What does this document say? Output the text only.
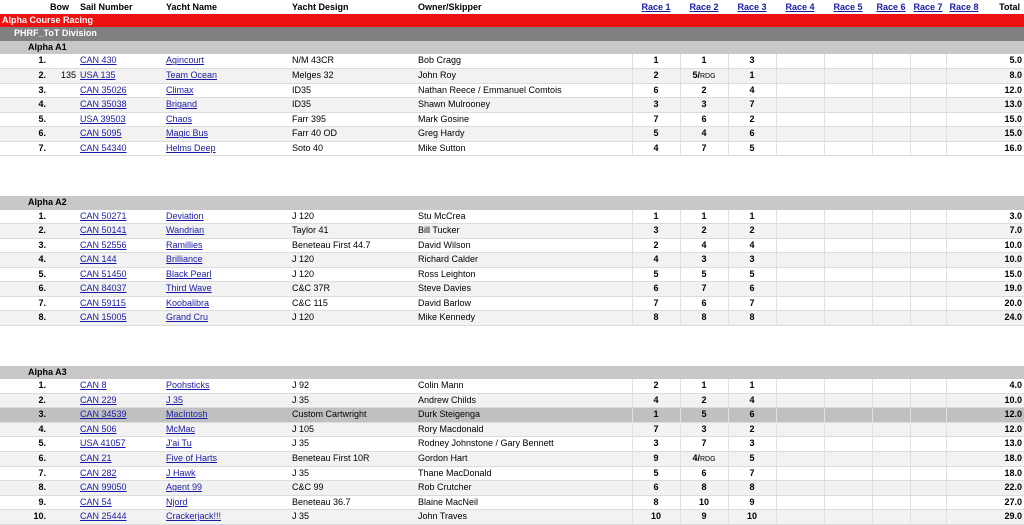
	Bow	Sail Number	Yacht Name	Yacht Design	Owner/Skipper	Race 1	Race 2	Race 3	Race 4	Race 5	Race 6	Race 7	Race 8	Total
Alpha Course Racing														
PHRF_ToT Division														
Alpha A1														
1.		CAN 430	Agincourt	N/M 43CR	Bob Cragg	1	1	3						5.0
2.	135	USA 135	Team Ocean	Melges 32	John Roy	2	5/RDG	1						8.0
3.		CAN 35026	Climax	ID35	Nathan Reece / Emmanuel Comtois	6	2	4						12.0
4.		CAN 35038	Brigand	ID35	Shawn Mulrooney	3	3	7						13.0
5.		USA 39503	Chaos	Farr 395	Mark Gosine	7	6	2						15.0
6.		CAN 5095	Magic Bus	Farr 40 OD	Greg Hardy	5	4	6						15.0
7.		CAN 54340	Helms Deep	Soto 40	Mike Sutton	4	7	5						16.0

Alpha A2														
1.		CAN 50271	Deviation	J 120	Stu McCrea	1	1	1						3.0
2.		CAN 50141	Wandrian	Taylor 41	Bill Tucker	3	2	2						7.0
3.		CAN 52556	Ramillies	Beneteau First 44.7	David Wilson	2	4	4						10.0
4.		CAN 144	Brilliance	J 120	Richard Calder	4	3	3						10.0
5.		CAN 51450	Black Pearl	J 120	Ross Leighton	5	5	5						15.0
6.		CAN 84037	Third Wave	C&C 37R	Steve Davies	6	7	6						19.0
7.		CAN 59115	Koobalibra	C&C 115	David Barlow	7	6	7						20.0
8.		CAN 15005	Grand Cru	J 120	Mike Kennedy	8	8	8						24.0

Alpha A3														
1.		CAN 8	Poohsticks	J 92	Colin Mann	2	1	1						4.0
2.		CAN 229	J 35	J 35	Andrew Childs	4	2	4						10.0
3.		CAN 34539	MacIntosh	Custom Cartwright	Durk Steigenga	1	5	6						12.0
4.		CAN 506	McMac	J 105	Rory Macdonald	7	3	2						12.0
5.		USA 41057	J'ai Tu	J 35	Rodney Johnstone / Gary Bennett	3	7	3						13.0
6.		CAN 21	Five of Harts	Beneteau First 10R	Gordon Hart	9	4/RDG	5						18.0
7.		CAN 282	J Hawk	J 35	Thane MacDonald	5	6	7						18.0
8.		CAN 99050	Agent 99	C&C 99	Rob Crutcher	6	8	8						22.0
9.		CAN 54	Njord	Beneteau 36.7	Blaine MacNeil	8	10	9						27.0
10.		CAN 25444	Crackerjack!!!	J 35	John Traves	10	9	10						29.0
